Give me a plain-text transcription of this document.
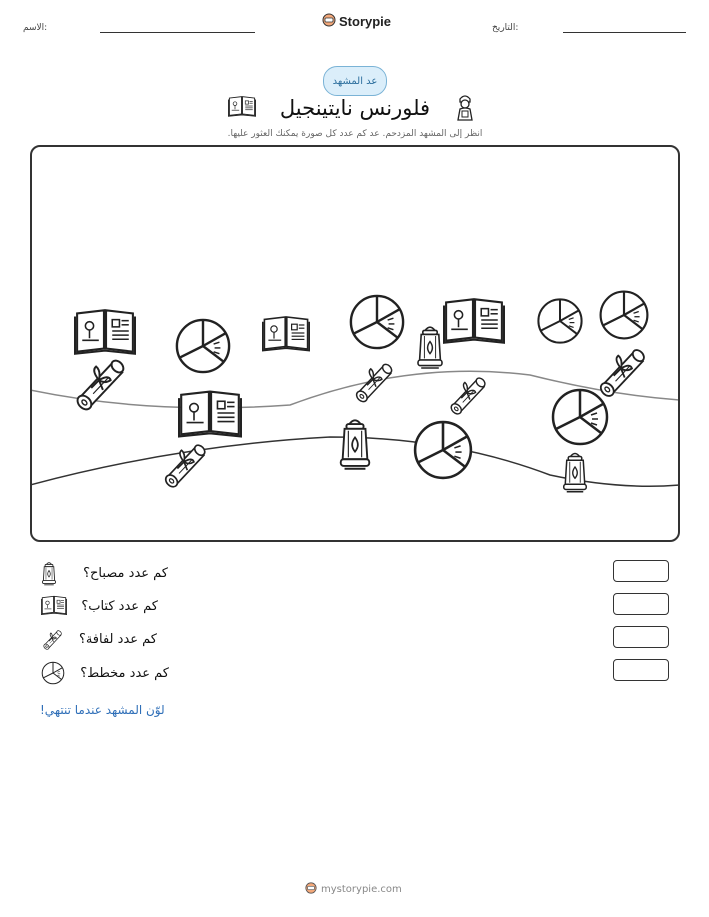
الاسم:	Storypie	التاريخ:
عد المشهد
فلورنس نايتينجيل
انظر إلى المشهد المزدحم. عد كم عدد كل صورة يمكنك العثور عليها.
كم عدد مصباح؟
كم عدد كتاب؟
كم عدد لفافة؟
كم عدد مخطط؟
لوّن المشهد عندما تنتهي!
mystorypie.com
